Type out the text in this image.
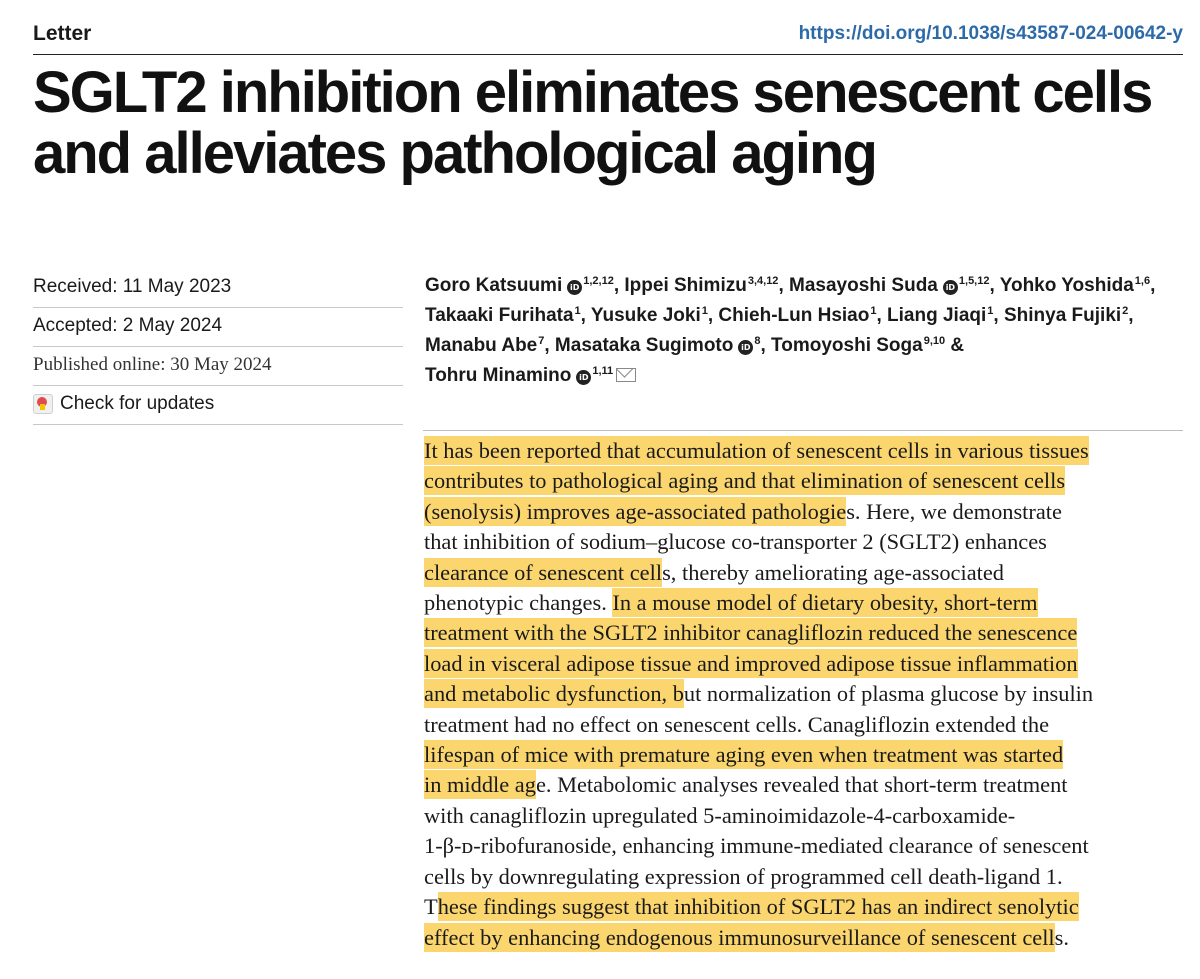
Letter	https://doi.org/10.1038/s43587-024-00642-y
SGLT2 inhibition eliminates senescent cells
and alleviates pathological aging
Received: 11 May 2023
Accepted: 2 May 2024
Published online: 30 May 2024
Check for updates
Goro Katsuumi iD$^{1,2,12}$, Ippei Shimizu$^{3,4,12}$, Masayoshi Suda iD$^{1,5,12}$, Yohko Yoshida$^{1,6}$,
Takaaki Furihata$^1$, Yusuke Joki$^1$, Chieh-Lun Hsiao$^1$, Liang Jiaqi$^1$, Shinya Fujiki$^2$,
Manabu Abe$^7$, Masataka Sugimoto $iD^8$, Tomoyoshi Soga$^{9,10}$ &
Tohru Minamino iD$^{1,11}$
It has been reported that accumulation of senescent cells in various tissues
contributes to pathological aging and that elimination of senescent cells
(senolysis) improves age-associated pathologies. Here, we demonstrate
that inhibition of sodium–glucose co-transporter 2 (SGLT2) enhances
clearance of senescent cells, thereby ameliorating age-associated
phenotypic changes. In a mouse model of dietary obesity, short-term
treatment with the SGLT2 inhibitor canagliflozin reduced the senescence
load in visceral adipose tissue and improved adipose tissue inflammation
and metabolic dysfunction, but normalization of plasma glucose by insulin
treatment had no effect on senescent cells. Canagliflozin extended the
lifespan of mice with premature aging even when treatment was started
in middle age. Metabolomic analyses revealed that short-term treatment
with canagliflozin upregulated 5-aminoimidazole-4-carboxamide-
1-β-ᴅ-ribofuranoside, enhancing immune-mediated clearance of senescent
cells by downregulating expression of programmed cell death-ligand 1.
These findings suggest that inhibition of SGLT2 has an indirect senolytic
effect by enhancing endogenous immunosurveillance of senescent cells.
